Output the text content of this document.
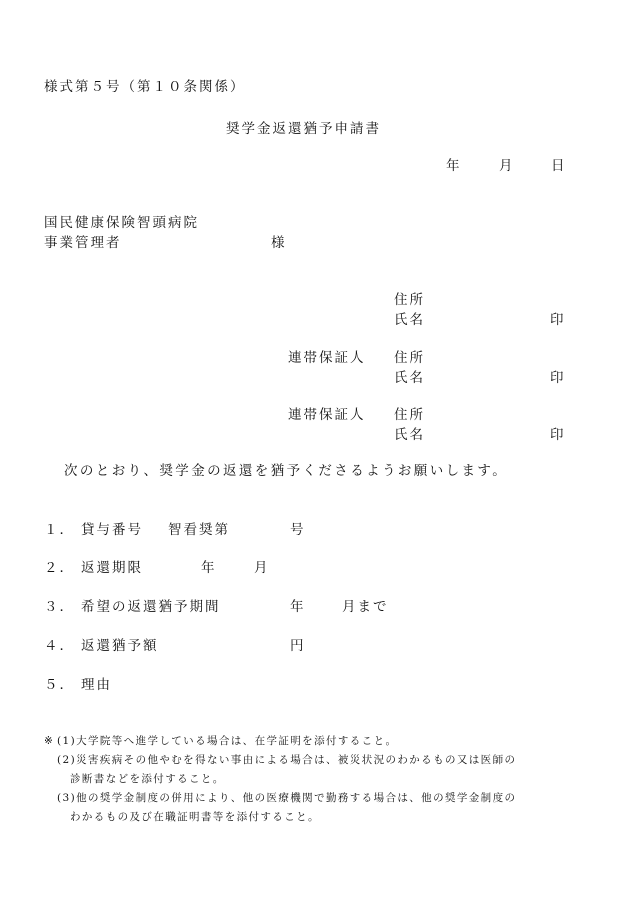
様式第５号（第１０条関係）
奨学金返還猶予申請書
年	月	日
国民健康保険智頭病院
事業管理者	様
住所
氏名	印
連帯保証人 住所
氏名	印
連帯保証人 住所
氏名	印
次のとおり、奨学金の返還を猶予くださるようお願いします。
１． 貸与番号 智看奨第	号
２． 返還期限	年	月
３． 希望の返還猶予期間	年	月まで
４． 返還猶予額	円
５． 理由
※ (1)大学院等へ進学している場合は、在学証明を添付すること。
(2)災害疾病その他やむを得ない事由による場合は、被災状況のわかるもの又は医師の
診断書などを添付すること。
(3)他の奨学金制度の併用により、他の医療機関で勤務する場合は、他の奨学金制度の
わかるもの及び在職証明書等を添付すること。
